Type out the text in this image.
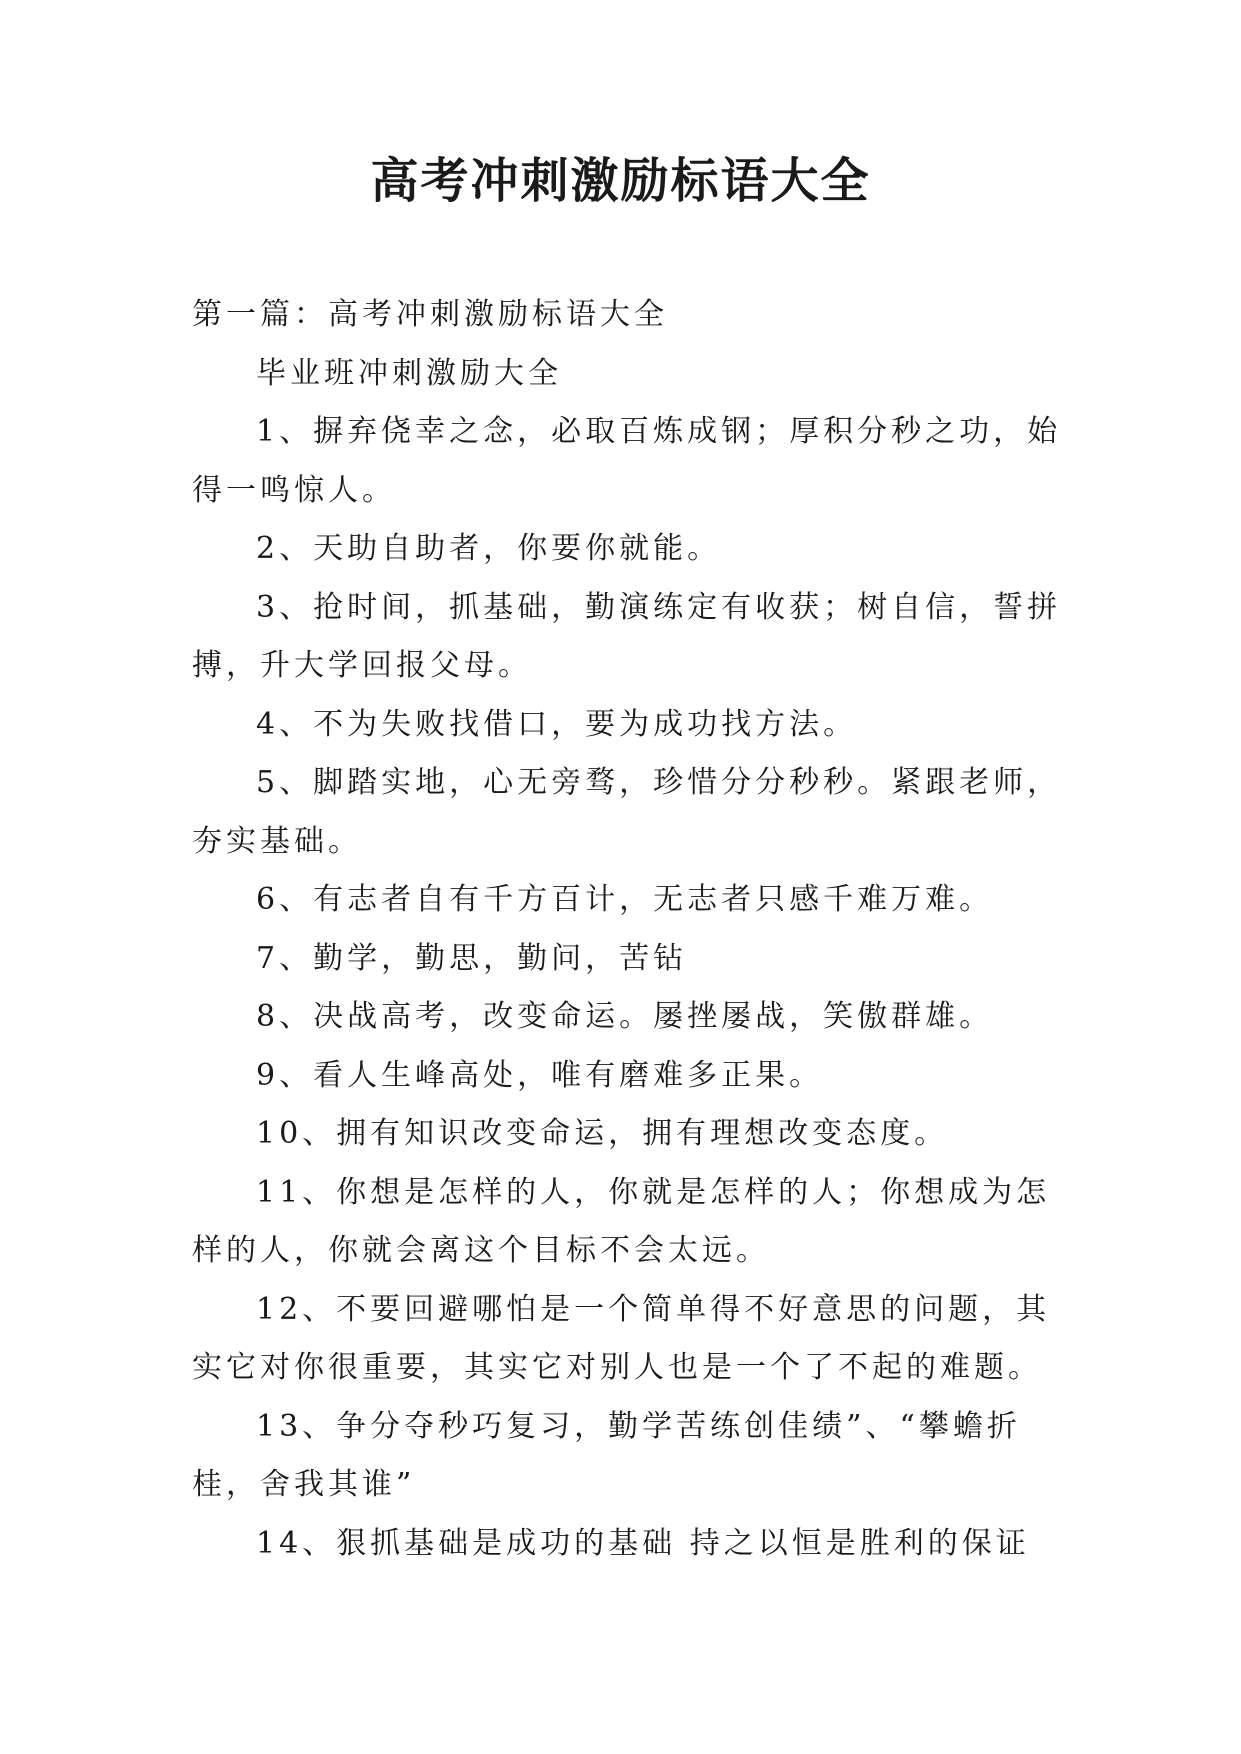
高考冲刺激励标语大全

第一篇：高考冲刺激励标语大全

毕业班冲刺激励大全

1、摒弃侥幸之念，必取百炼成钢；厚积分秒之功，始得一鸣惊人。

2、天助自助者，你要你就能。

3、抢时间，抓基础，勤演练定有收获；树自信，誓拼搏，升大学回报父母。

4、不为失败找借口，要为成功找方法。

5、脚踏实地，心无旁骛，珍惜分分秒秒。紧跟老师，夯实基础。

6、有志者自有千方百计，无志者只感千难万难。

7、勤学，勤思，勤问，苦钻

8、决战高考，改变命运。屡挫屡战，笑傲群雄。

9、看人生峰高处，唯有磨难多正果。

10、拥有知识改变命运，拥有理想改变态度。

11、你想是怎样的人，你就是怎样的人；你想成为怎样的人，你就会离这个目标不会太远。

12、不要回避哪怕是一个简单得不好意思的问题，其实它对你很重要，其实它对别人也是一个了不起的难题。

13、争分夺秒巧复习，勤学苦练创佳绩”、“攀蟾折桂，舍我其谁”

14、狠抓基础是成功的基础 持之以恒是胜利的保证
